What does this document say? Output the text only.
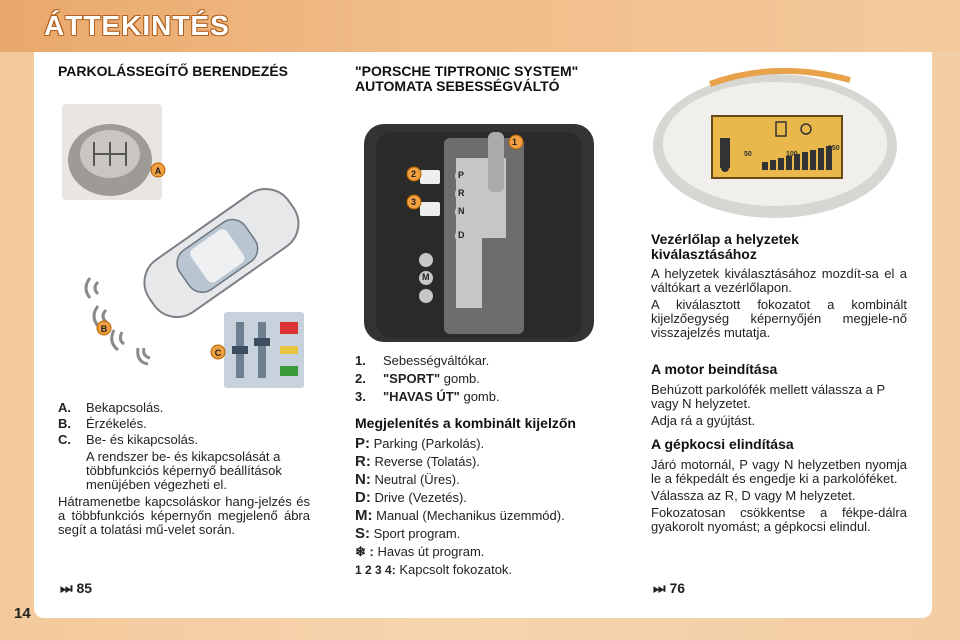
ÁTTEKINTÉS
PARKOLÁSSEGÍTŐ BERENDEZÉS
A
B
C
A.	Bekapcsolás.
B.	Érzékelés.
C.	Be- és kikapcsolás.

A rendszer be- és kikapcsolását a többfunkciós képernyő beállítások menüjében végezheti el.

Hátramenetbe kapcsoláskor hang-jelzés és a többfunkciós képernyőn megjelenő ábra segít a tolatási mű-velet során.

⏭ 85
"PORSCHE TIPTRONIC SYSTEM" AUTOMATA SEBESSÉGVÁLTÓ
1
2
3
P
R
N
D
M
1. Sebességváltókar.
2. "SPORT" gomb.
3. "HAVAS ÚT" gomb.
Megjelenítés a kombinált kijelzőn
P: Parking (Parkolás).
R: Reverse (Tolatás).
N: Neutral (Üres).
D: Drive (Vezetés).
M: Manual (Mechanikus üzemmód).
S: Sport program.
❄ : Havas út program.
1 2 3 4: Kapcsolt fokozatok.
50	100
150
Vezérlőlap a helyzetek kiválasztásához

A helyzetek kiválasztásához mozdít-sa el a váltókart a vezérlőlapon.

A kiválasztott fokozatot a kombinált kijelzőegység képernyőjén megjele-nő visszajelzés mutatja.

A motor beindítása

Behúzott parkolófék mellett válassza a P vagy N helyzetet.

Adja rá a gyújtást.

A gépkocsi elindítása

Járó motornál, P vagy N helyzetben nyomja le a fékpedált és engedje ki a parkolóféket.

Válassza az R, D vagy M helyzetet.

Fokozatosan csökkentse a fékpe-dálra gyakorolt nyomást; a gépkocsi elindul.

⏭ 76
14
